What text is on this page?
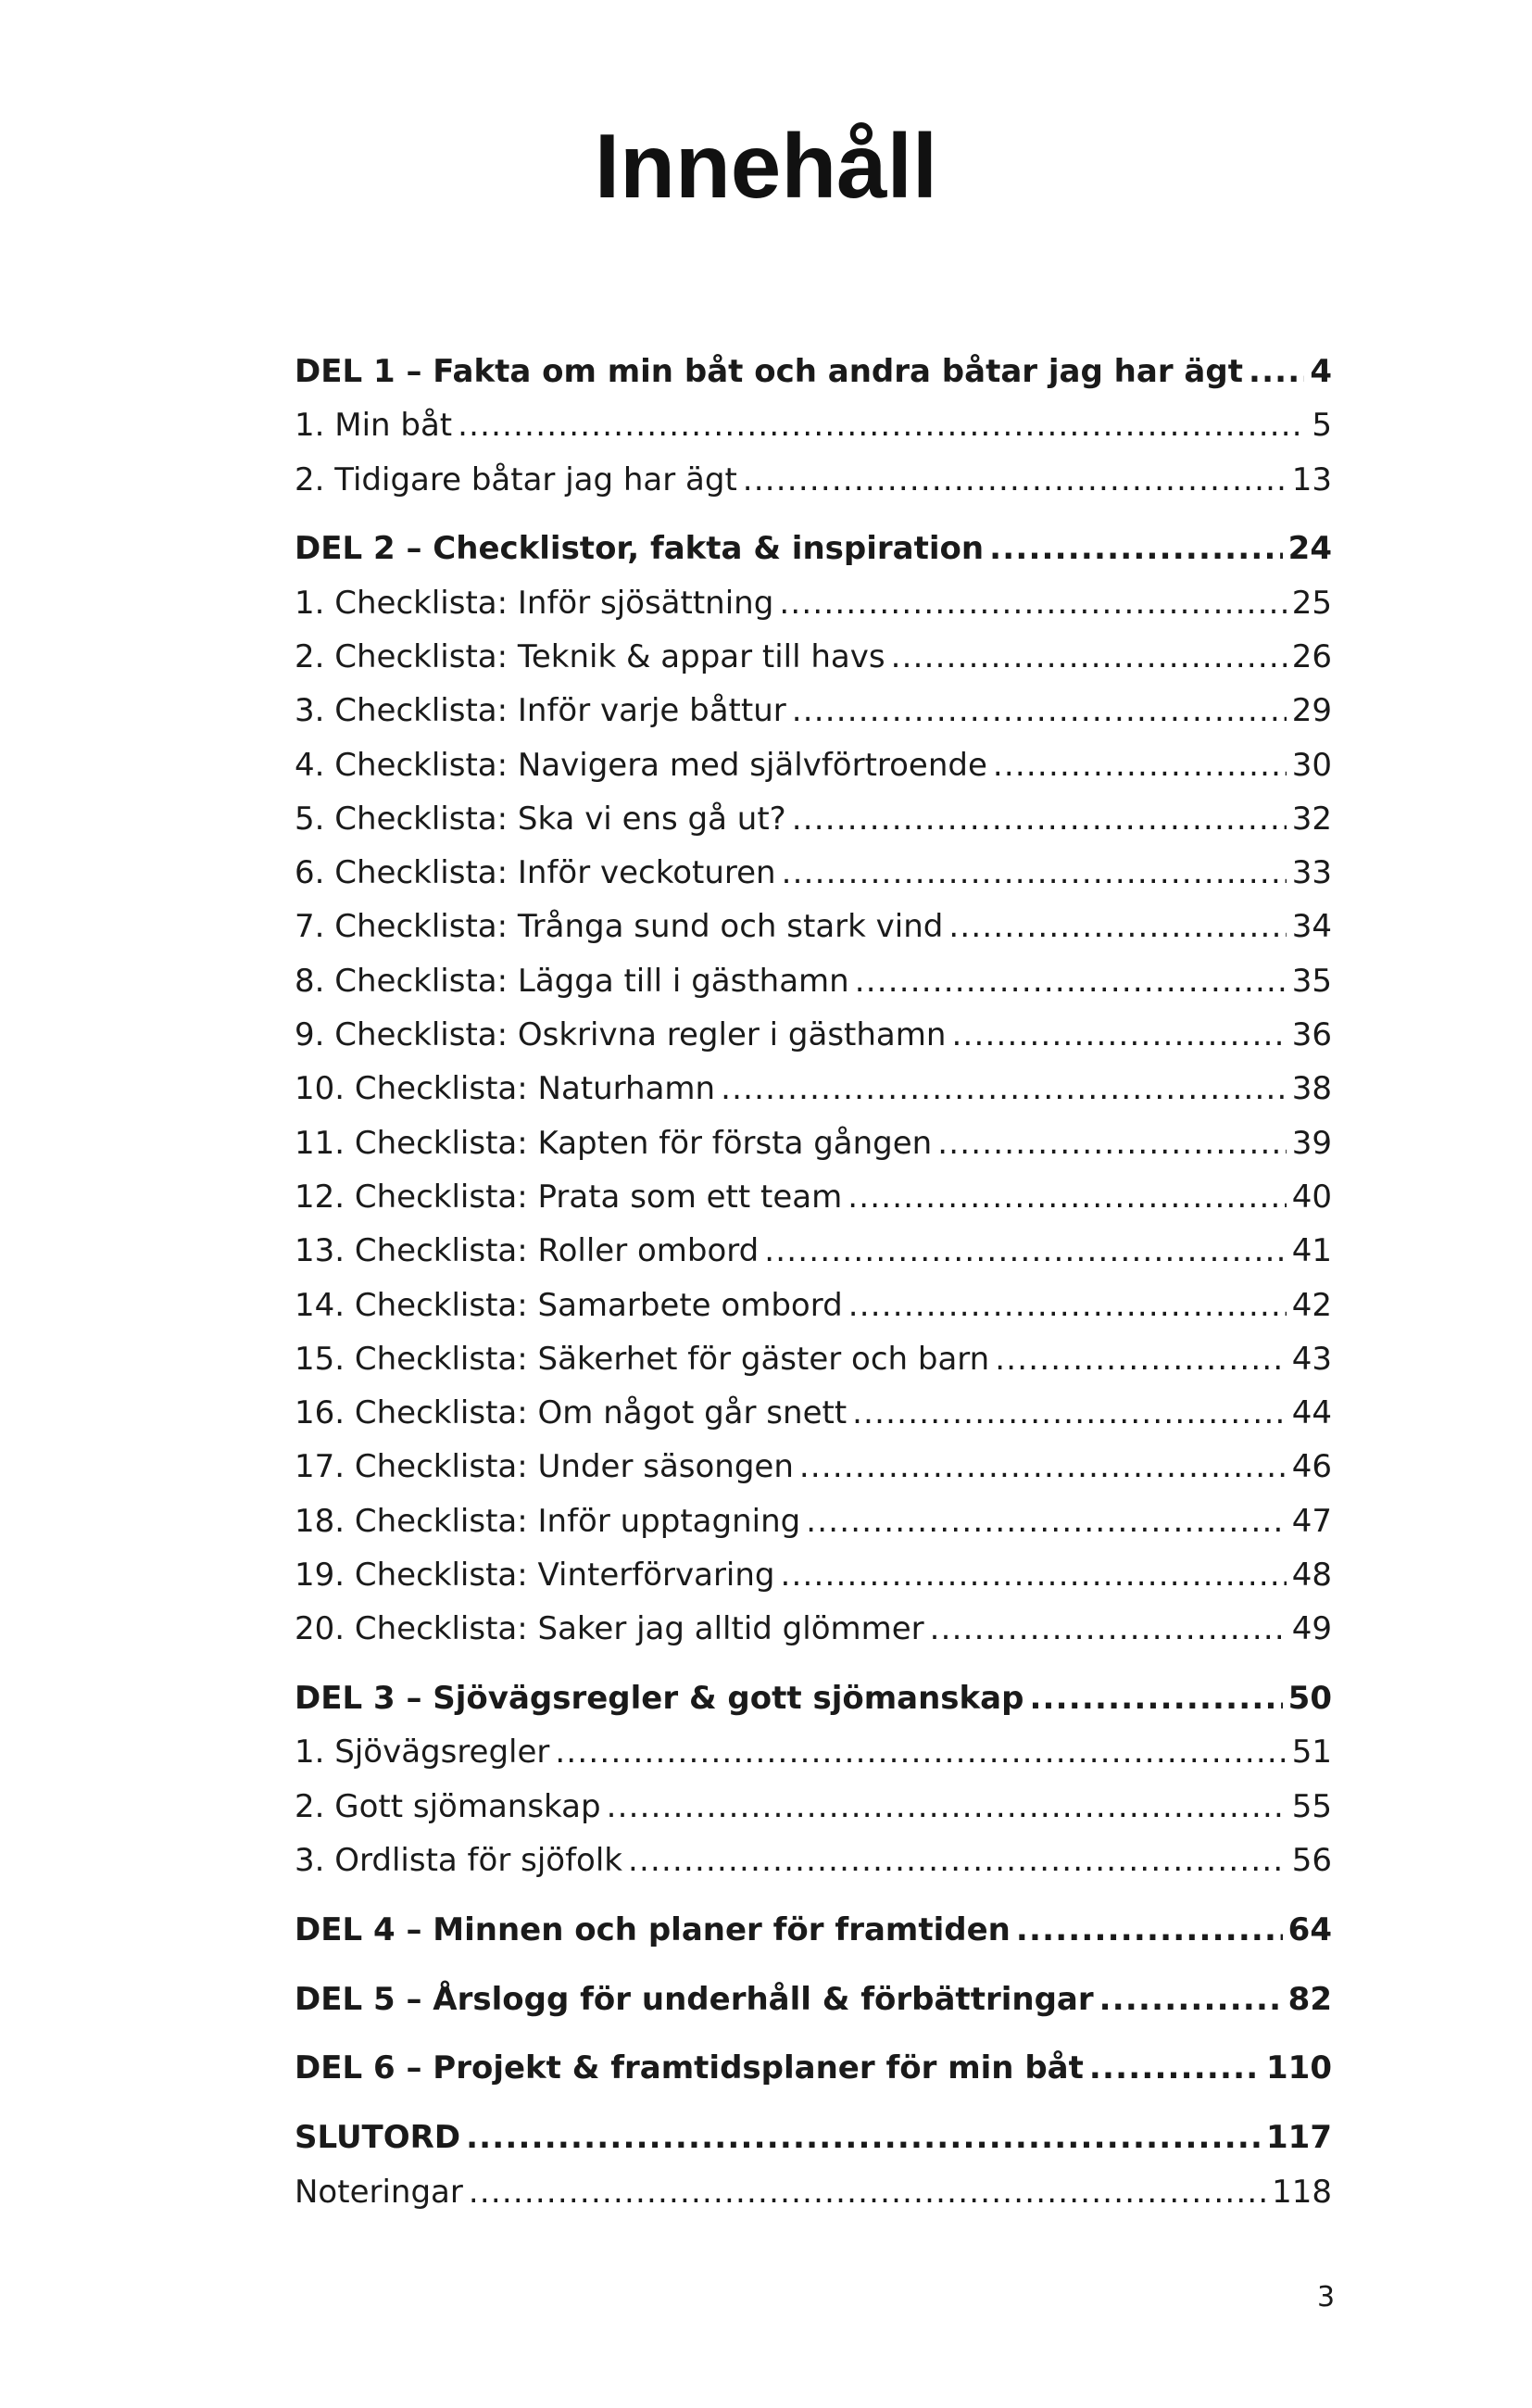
Innehåll
DEL 1 – Fakta om min båt och andra båtar jag har ägt ..... 4
1. Min båt .....	5
2. Tidigare båtar jag har ägt .....	13
DEL 2 – Checklistor, fakta & inspiration .....	24
1. Checklista: Inför sjösättning .....	25
2. Checklista: Teknik & appar till havs .....	26
3. Checklista: Inför varje båttur .....	29
4. Checklista: Navigera med självförtroende .....	30
5. Checklista: Ska vi ens gå ut? .....	32
6. Checklista: Inför veckoturen .....	33
7. Checklista: Trånga sund och stark vind .....	34
8. Checklista: Lägga till i gästhamn .....	35
9. Checklista: Oskrivna regler i gästhamn .....	36
10. Checklista: Naturhamn .....	38
11. Checklista: Kapten för första gången .....	39
12. Checklista: Prata som ett team .....	40
13. Checklista: Roller ombord .....	41
14. Checklista: Samarbete ombord .....	42
15. Checklista: Säkerhet för gäster och barn .....	43
16. Checklista: Om något går snett .....	44
17. Checklista: Under säsongen .....	46
18. Checklista: Inför upptagning .....	47
19. Checklista: Vinterförvaring .....	48
20. Checklista: Saker jag alltid glömmer .....	49
DEL 3 – Sjövägsregler & gott sjömanskap .....	50
1. Sjövägsregler .....	51
2. Gott sjömanskap .....	55
3. Ordlista för sjöfolk .....	56
DEL 4 – Minnen och planer för framtiden .....	64
DEL 5 – Årslogg för underhåll & förbättringar .....	82
DEL 6 – Projekt & framtidsplaner för min båt .....	110
SLUTORD .....	117
Noteringar .....	118
3
